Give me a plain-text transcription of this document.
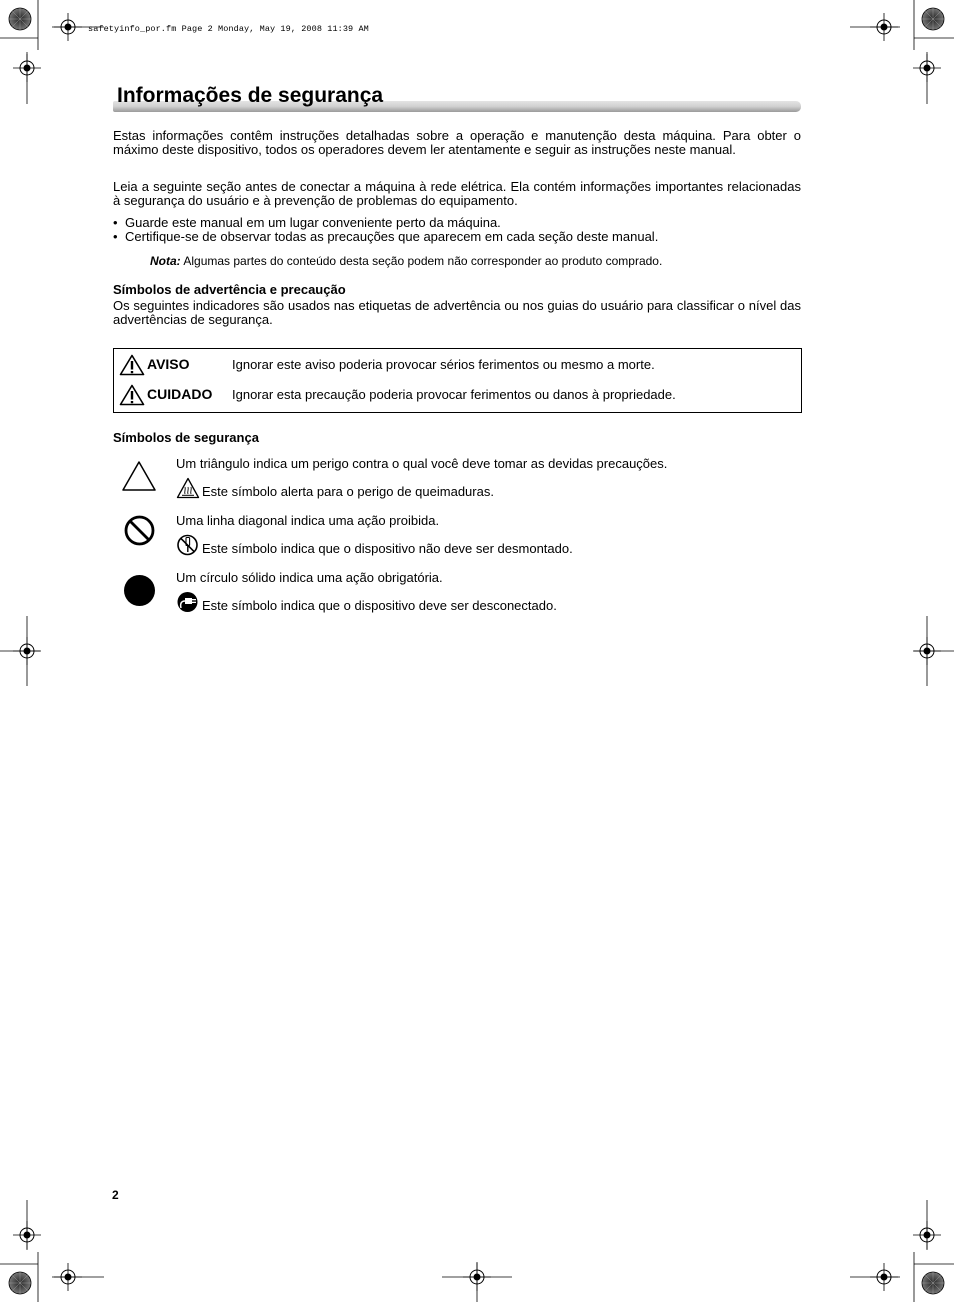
safetyinfo_por.fm Page 2 Monday, May 19, 2008 11:39 AM
Informações de segurança
Estas informações contêm instruções detalhadas sobre a operação e manutenção desta máquina. Para obter o máximo deste dispositivo, todos os operadores devem ler atentamente e seguir as instruções neste manual.
Leia a seguinte seção antes de conectar a máquina à rede elétrica. Ela contém informações importantes relacionadas à segurança do usuário e à prevenção de problemas do equipamento.
• Guarde este manual em um lugar conveniente perto da máquina.
• Certifique-se de observar todas as precauções que aparecem em cada seção deste manual.
Nota: Algumas partes do conteúdo desta seção podem não corresponder ao produto comprado.
Símbolos de advertência e precaução
Os seguintes indicadores são usados nas etiquetas de advertência ou nos guias do usuário para classificar o nível das advertências de segurança.
AVISO	Ignorar este aviso poderia provocar sérios ferimentos ou mesmo a morte.
CUIDADO Ignorar esta precaução poderia provocar ferimentos ou danos à propriedade.
Símbolos de segurança
Um triângulo indica um perigo contra o qual você deve tomar as devidas precauções.
Este símbolo alerta para o perigo de queimaduras.
Uma linha diagonal indica uma ação proibida.
Este símbolo indica que o dispositivo não deve ser desmontado.
Um círculo sólido indica uma ação obrigatória.
Este símbolo indica que o dispositivo deve ser desconectado.
2
